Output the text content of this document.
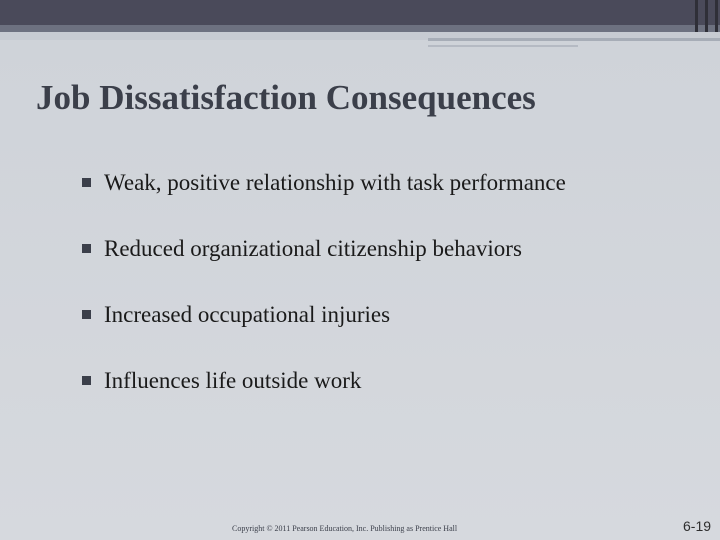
Job Dissatisfaction Consequences
Weak, positive relationship with task performance
Reduced organizational citizenship behaviors
Increased occupational injuries
Influences life outside work
Copyright © 2011 Pearson Education, Inc. Publishing as Prentice Hall	6-19
